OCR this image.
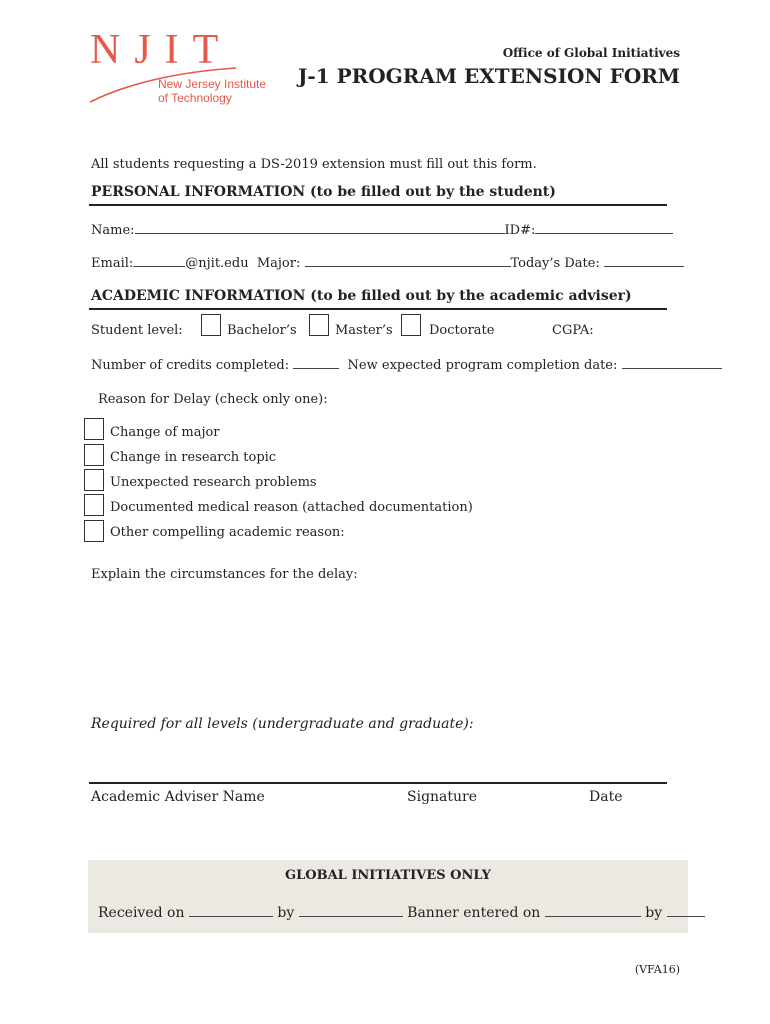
NJIT
New Jersey Institute
of Technology
Office of Global Initiatives
J-1 PROGRAM EXTENSION FORM
All students requesting a DS-2019 extension must fill out this form.
PERSONAL INFORMATION (to be filled out by the student)
Name:	ID#:
Email:	@njit.edu Major:	Today’s Date:
ACADEMIC INFORMATION (to be filled out by the academic adviser)
Student level:	Bachelor’s	Master’s	Doctorate	CGPA:
Number of credits completed:	New expected program completion date:
Reason for Delay (check only one):
Change of major
Change in research topic
Unexpected research problems
Documented medical reason (attached documentation)
Other compelling academic reason:
Explain the circumstances for the delay:
Required for all levels (undergraduate and graduate):
Academic Adviser Name	Signature	Date
GLOBAL INITIATIVES ONLY
Received on	by	Banner entered on	by
(VFA16)
